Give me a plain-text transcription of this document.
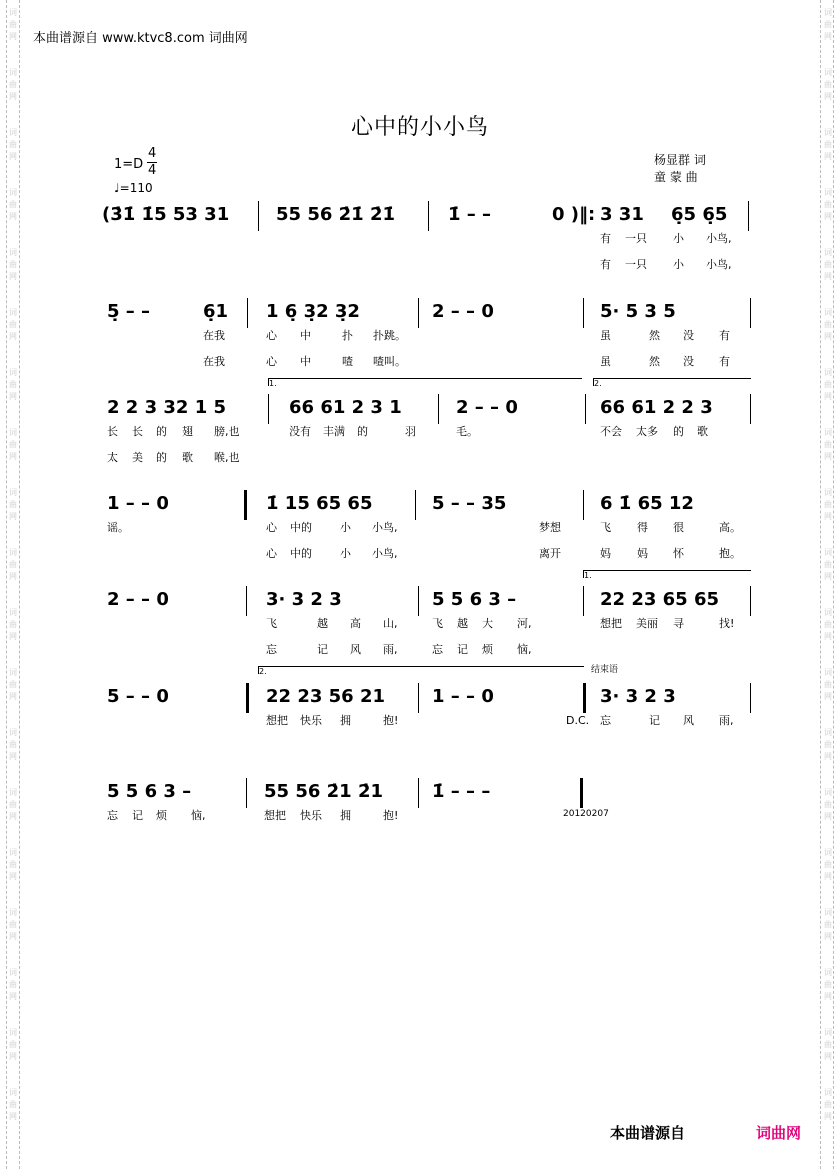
词
曲
网
词
曲
网
词
曲
网
词
曲
网
词
曲
网
词
曲
网
词
曲
网
词
曲
网
词
曲
网
词
曲
网
词
曲
网
词
曲
网
词
曲
网
词
曲
网
词
曲
网
词
曲
网
词
曲
网
词
曲
网
词
曲
网
词
曲
网
词
曲
网
词
曲
网
词
曲
网
词
曲
网
词
曲
网
词
曲
网
词
曲
网
词
曲
网
词
曲
网
词
曲
网
词
曲
网
词
曲
网
词
曲
网
词
曲
网
词
曲
网
词
曲
网
词
曲
网
词
曲
网
本曲谱源自 www.ktvc8.com 词曲网
心中的小小鸟
1=D
4
4
♩=110
杨显群 词
童 蒙 曲
(3̇1̇ 1̇5 53 31	55 56 2̇1̇ 2̇1̇	1̇ – –	0 )‖: 3 31 6̣5 6̣5
有 一只 小 小鸟,
有 一只 小 小鸟,
5̣ – –	6̣1 1 6̣ 3̣2 3̣2	2 – – 0	5· 5 3 5
在我	心 中	扑 扑跳。	虽	然 没 有
在我	心 中	喳 喳叫。	虽	然 没 有
1.	2.
2 2 3 32 1 5	66 61 2 3 1	2 – – 0	66 61 2 2 3
长 长 的 翅 膀,也	没有 丰满 的	羽	毛。	不会 太多 的 歌
太 美 的 歌 喉,也
1 – – 0	1̇ 15 65 65	5 – – 35	6 1̇ 65 12
谣。	心 中的	小 小鸟,	梦想	飞 得 很	高。
心 中的	小 小鸟,	离开	妈 妈 怀	抱。
1.
2 – – 0	3· 3 2 3	5 5 6 3 –	22 23 65 65
飞	越 高 山,	飞 越 大 河,	想把 美丽 寻	找!
忘	记 风 雨,	忘 记 烦 恼,
2.
5 – – 0	22 23 56 21	1 – – 0	3· 3 2 3
结束语
想把 快乐 拥	抱!	D.C. 忘	记 风 雨,
5 5 6 3 –	55 56 2̇1 2̇1	1̇ – – –
忘 记 烦 恼,	想把 快乐 拥	抱!	20120207
本曲谱源自	词曲网
